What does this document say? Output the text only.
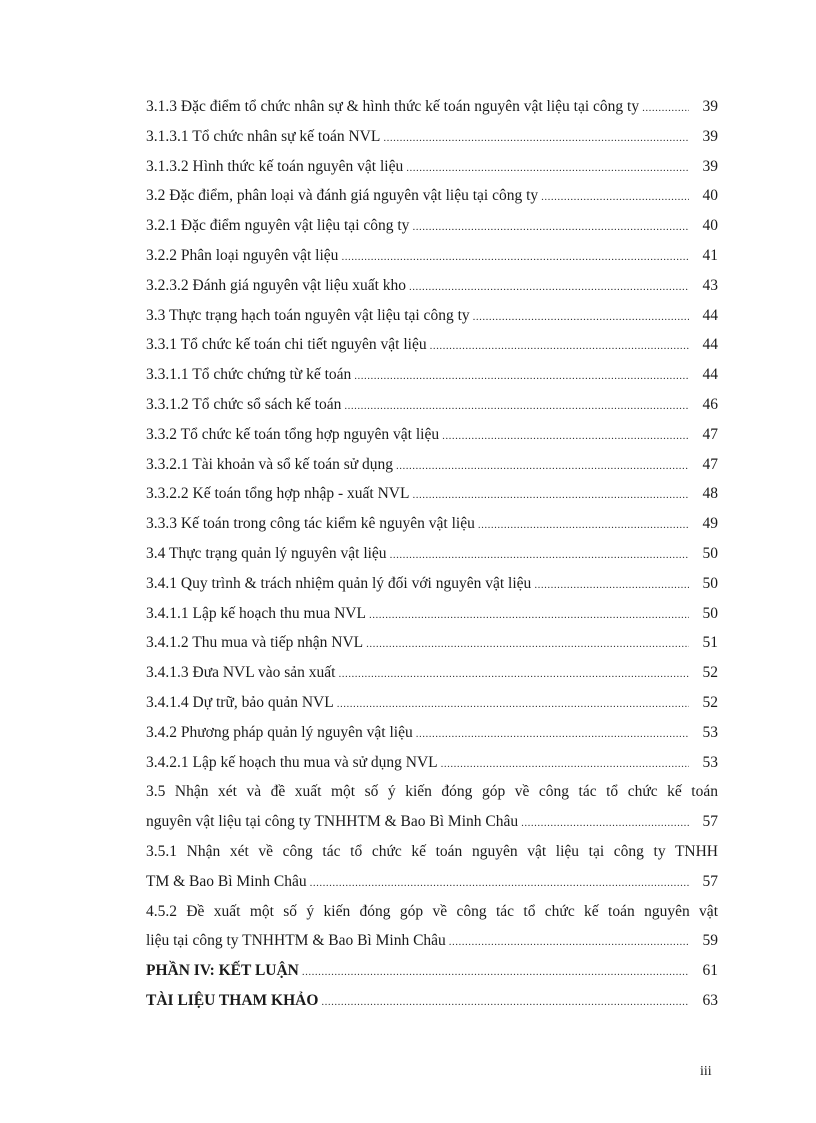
3.1.3 Đặc điểm tổ chức nhân sự & hình thức kế toán nguyên vật liệu tại công ty .....	39
3.1.3.1 Tổ chức nhân sự kế toán NVL .....	39
3.1.3.2 Hình thức kế toán nguyên vật liệu .....	39
3.2 Đặc điểm, phân loại và đánh giá nguyên vật liệu tại công ty .....	40
3.2.1 Đặc điểm nguyên vật liệu tại công ty .....	40
3.2.2 Phân loại nguyên vật liệu .....	41
3.2.3.2 Đánh giá nguyên vật liệu xuất kho .....	43
3.3 Thực trạng hạch toán nguyên vật liệu tại công ty .....	44
3.3.1 Tổ chức kế toán chi tiết nguyên vật liệu .....	44
3.3.1.1 Tổ chức chứng từ kế toán .....	44
3.3.1.2 Tổ chức sổ sách kế toán .....	46
3.3.2 Tổ chức kế toán tổng hợp nguyên vật liệu .....	47
3.3.2.1 Tài khoản và sổ kế toán sử dụng .....	47
3.3.2.2 Kế toán tổng hợp nhập - xuất NVL .....	48
3.3.3 Kế toán trong công tác kiểm kê nguyên vật liệu .....	49
3.4 Thực trạng quản lý nguyên vật liệu .....	50
3.4.1 Quy trình & trách nhiệm quản lý đối với nguyên vật liệu .....	50
3.4.1.1 Lập kế hoạch thu mua NVL .....	50
3.4.1.2 Thu mua và tiếp nhận NVL .....	51
3.4.1.3 Đưa NVL vào sản xuất .....	52
3.4.1.4 Dự trữ, bảo quản NVL .....	52
3.4.2 Phương pháp quản lý nguyên vật liệu .....	53
3.4.2.1 Lập kế hoạch thu mua và sử dụng NVL .....	53
3.5 Nhận xét và đề xuất một số ý kiến đóng góp về công tác tổ chức kế toán
nguyên vật liệu tại công ty TNHHTM & Bao Bì Minh Châu .....	57
3.5.1 Nhận xét về công tác tổ chức kế toán nguyên vật liệu tại công ty TNHH
TM & Bao Bì Minh Châu .....	57
4.5.2 Đề xuất một số ý kiến đóng góp về công tác tổ chức kế toán nguyên vật
liệu tại công ty TNHHTM & Bao Bì Minh Châu .....	59
PHẦN IV: KẾT LUẬN .....	61
TÀI LIỆU THAM KHẢO .....	63
iii
